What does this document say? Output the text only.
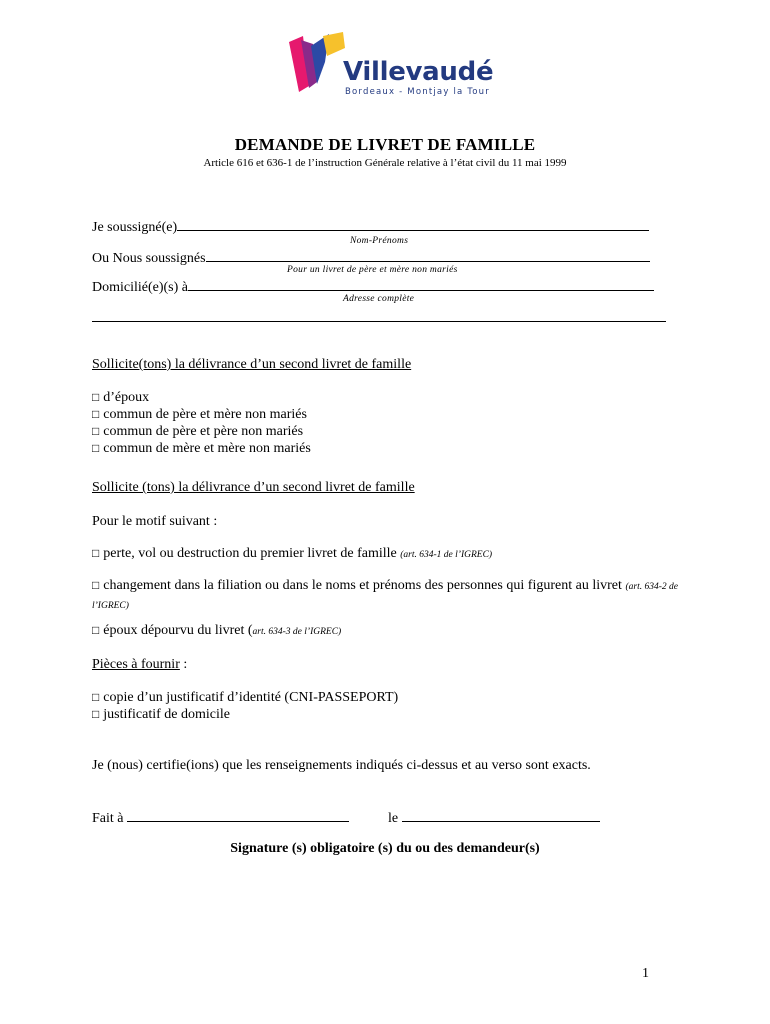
Villevaudé
Bordeaux - Montjay la Tour
DEMANDE DE LIVRET DE FAMILLE
Article 616 et 636-1 de l’instruction Générale relative à l’état civil du 11 mai 1999
Je soussigné(e)
Nom-Prénoms
Ou Nous soussignés
Pour un livret de père et mère non mariés
Domicilié(e)(s) à
Adresse complète
Sollicite(tons) la délivrance d’un second livret de famille
□ d’époux
□ commun de père et mère non mariés
□ commun de père et père non mariés
□ commun de mère et mère non mariés
Sollicite (tons) la délivrance d’un second livret de famille
Pour le motif suivant :
□ perte, vol ou destruction du premier livret de famille (art. 634-1 de l’IGREC)
□ changement dans la filiation ou dans le noms et prénoms des personnes qui figurent au livret (art. 634-2 de l’IGREC)
□ époux dépourvu du livret (art. 634-3 de l’IGREC)
Pièces à fournir :
□ copie d’un justificatif d’identité (CNI-PASSEPORT)
□ justificatif de domicile
Je (nous) certifie(ions) que les renseignements indiqués ci-dessus et au verso sont exacts.
Fait à	le
Signature (s) obligatoire (s) du ou des demandeur(s)
1
